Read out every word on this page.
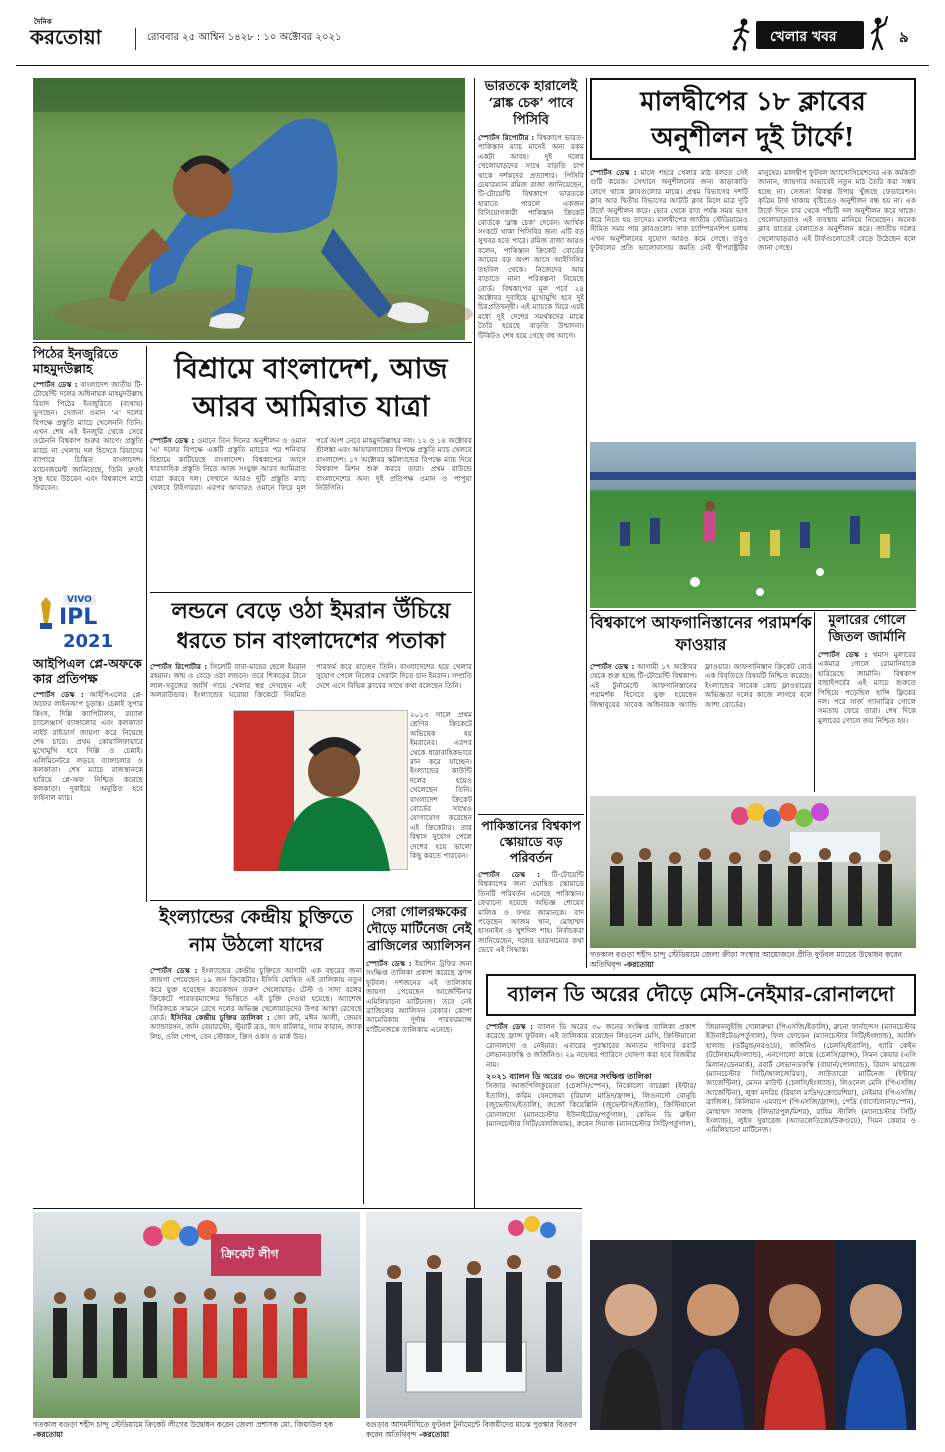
দৈনিক
করতোয়া	রোববার ২৫ আশ্বিন ১৪২৮ : ১০ অক্টোবর ২০২১	খেলার খবর	৯
পিঠের ইনজুরিতে মাহমুদউল্লাহ
স্পোর্টস ডেস্ক : বাংলাদেশ জাতীয় টি-টোয়েন্টি দলের অধিনায়ক মাহমুদউল্লাহ রিয়াদ পিঠের ইনজুরিতে (ব্যথায়) ভুগছেন। সেজন্য ওমান 'এ' দলের বিপক্ষে প্রস্তুতি ম্যাচে খেলেননি তিনি। এখন শেষ এই ইনজুরি থেকে সেরে ওঠেননি বিশ্বকাপ শুরুর আগে। প্রস্তুতি ম্যাচে না খেলায় দল হিসেবে রিয়াদের ব্যাপারে চিন্তিত বাংলাদেশ। ম্যানেজমেন্ট জানিয়েছে, তিনি দ্রুতই সুস্থ হয়ে উঠবেন এবং বিশ্বকাপে মাঠে ফিরবেন।
বিশ্রামে বাংলাদেশ, আজ আরব আমিরাত যাত্রা
স্পোর্টস ডেস্ক : ওমানে তিন দিনের অনুশীলন ও ওমান 'এ' দলের বিপক্ষে একটি প্রস্তুতি ম্যাচের পর শনিবার বিশ্রামে কাটিয়েছে বাংলাদেশ। বিশ্বকাপের আগে ধারাবাহিক প্রস্তুতি নিতে আজ সংযুক্ত আরব আমিরাত যাত্রা করবে দল। সেখানে আরও দুটি প্রস্তুতি ম্যাচ খেলবে টাইগাররা। এরপর আবারও ওমানে ফিরে মূল পর্বে অংশ নেবে মাহমুদউল্লাহর দল। ১২ ও ১৪ অক্টোবর শ্রীলঙ্কা এবং আয়ারল্যান্ডের বিপক্ষে প্রস্তুতি ম্যাচ খেলবে বাংলাদেশ। ১৭ অক্টোবর স্কটল্যান্ডের বিপক্ষে ম্যাচ দিয়ে বিশ্বকাপ মিশন শুরু করবে তারা। প্রথম রাউন্ডে বাংলাদেশের অন্য দুই প্রতিপক্ষ ওমান ও পাপুয়া নিউগিনি।
VIVO
IPL
2021
আইপিএল প্লে-অফকে কার প্রতিপক্ষ
স্পোর্টস ডেস্ক : আইপিএলের প্লে-অফের লাইনআপ চূড়ান্ত। চেন্নাই সুপার কিংস, দিল্লি ক্যাপিটালস, রয়্যাল চ্যালেঞ্জার্স ব্যাঙ্গালোর এবং কলকাতা নাইট রাইডার্স জায়গা করে নিয়েছে শেষ চারে। প্রথম কোয়ালিফায়ারে মুখোমুখি হবে দিল্লি ও চেন্নাই। এলিমিনেটরে লড়বে ব্যাঙ্গালোর ও কলকাতা। শেষ ম্যাচে রাজস্থানকে হারিয়ে প্লে-অফ নিশ্চিত করেছে কলকাতা। দুবাইয়ে অনুষ্ঠিত হবে ফাইনাল ম্যাচ।
লন্ডনে বেড়ে ওঠা ইমরান উঁচিয়ে ধরতে চান বাংলাদেশের পতাকা
স্পোর্টস রিপোর্টার : সিলেটি বাবা-মায়ের ছেলে ইমরান রহমান। জন্ম ও বেড়ে ওঠা লন্ডনে। তবে শিকড়ের টানে লাল-সবুজের জার্সি গায়ে খেলার স্বপ্ন দেখছেন এই অলরাউন্ডার। ইংল্যান্ডের ঘরোয়া ক্রিকেটে নিয়মিত পারফর্ম করে যাচ্ছেন তিনি। বাংলাদেশের হয়ে খেলার সুযোগ পেলে নিজের সেরাটা দিতে চান ইমরান। সম্প্রতি দেশে এসে বিভিন্ন ক্লাবের সাথে কথা বলেছেন তিনি।
২০১৩ সালে প্রথম শ্রেণির ক্রিকেটে অভিষেক হয় ইমরানের। এরপর থেকে ধারাবাহিকভাবে রান করে যাচ্ছেন। ইংল্যান্ডের কাউন্টি দলের হয়েও খেলেছেন তিনি। বাংলাদেশ ক্রিকেট বোর্ডের সাথেও যোগাযোগ করেছেন এই ক্রিকেটার। তার বিশ্বাস সুযোগ পেলে দেশের হয়ে ভালো কিছু করতে পারবেন।
ইংল্যান্ডের কেন্দ্রীয় চুক্তিতে নাম উঠলো যাদের
স্পোর্টস ডেস্ক : ইংল্যান্ডের কেন্দ্রীয় চুক্তিতে আগামী এক বছরের জন্য জায়গা পেয়েছেন ১৯ জন ক্রিকেটার। ইসিবি ঘোষিত এই তালিকায় নতুন করে যুক্ত হয়েছেন কয়েকজন তরুণ খেলোয়াড়। টেস্ট ও সাদা বলের ক্রিকেটে পারফরম্যান্সের ভিত্তিতে এই চুক্তি দেওয়া হয়েছে। অ্যাশেজ সিরিজকে সামনে রেখে দলের অভিজ্ঞ খেলোয়াড়দের উপর আস্থা রেখেছে বোর্ড। ইসিবির কেন্দ্রীয় চুক্তির তালিকা : জো রুট, মঈন আলী, জেমস অ্যান্ডারসন, জনি বেয়ারস্টো, স্টুয়ার্ট ব্রড, জস বাটলার, স্যাম কারান, জ্যাক লিচ, ওলি পোপ, বেন স্টোকস, ক্রিস ওকস ও মার্ক উড।
সেরা গোলরক্ষকের দৌড়ে মার্টিনেজ নেই ব্রাজিলের অ্যালিসন
স্পোর্টস ডেস্ক : ইয়াশিন ট্রফির জন্য সংক্ষিপ্ত তালিকা প্রকাশ করেছে ফ্রান্স ফুটবল। দশজনের এই তালিকায় জায়গা পেয়েছেন আর্জেন্টিনার এমিলিয়ানো মার্টিনেজ। তবে নেই ব্রাজিলের অ্যালিসন বেকার। কোপা আমেরিকায় দুর্দান্ত পারফরম্যান্স মার্টিনেজকে তালিকায় এনেছে।
ভারতকে হারালেই ‘ব্লাঙ্ক চেক’ পাবে পিসিবি
স্পোর্টস রিপোর্টার : বিশ্বকাপে ভারত-পাকিস্তান ম্যাচ মানেই অন্য রকম একটা আবহ। দুই দলের খেলোয়াড়দের সাথে বাড়তি চাপ থাকে দর্শকদের প্রত্যাশার। পিসিবি চেয়ারম্যান রমিজ রাজা জানিয়েছেন, টি-টোয়েন্টি বিশ্বকাপে ভারতকে হারাতে পারলে একজন বিনিয়োগকারী পাকিস্তান ক্রিকেট বোর্ডকে ‘ব্লাঙ্ক চেক’ দেবেন। আর্থিক সংকটে থাকা পিসিবির জন্য এটি বড় সুখবর হতে পারে। রমিজ রাজা আরও বলেন, পাকিস্তান ক্রিকেট বোর্ডের আয়ের বড় অংশ আসে আইসিসির তহবিল থেকে। নিজেদের আয় বাড়াতে নানা পরিকল্পনা নিয়েছে বোর্ড। বিশ্বকাপের মূল পর্বে ২৪ অক্টোবর দুবাইয়ে মুখোমুখি হবে দুই চিরপ্রতিদ্বন্দ্বী। এই ম্যাচকে ঘিরে এরই মধ্যে দুই দেশের সমর্থকদের মাঝে তৈরি হয়েছে বাড়তি উন্মাদনা। টিকিটও শেষ হয়ে গেছে বহু আগে।
পাকিস্তানের বিশ্বকাপ স্কোয়াডে বড় পরিবর্তন
স্পোর্টস ডেস্ক : টি-টোয়েন্টি বিশ্বকাপের জন্য ঘোষিত স্কোয়াডে তিনটি পরিবর্তন এনেছে পাকিস্তান। ফেরানো হয়েছে অভিজ্ঞ শোয়েব মালিক ও ফখর জামানকে। বাদ পড়েছেন আজম খান, মোহাম্মদ হাসনাইন ও খুশদিল শাহ। নির্বাচকরা জানিয়েছেন, দলের ভারসাম্যের কথা ভেবে এই সিদ্ধান্ত।
মালদ্বীপের ১৮ ক্লাবের অনুশীলন দুই টার্ফে!
স্পোর্টস ডেস্ক : মালে শহরে খেলার মাঠ বলতে সেই গুটি কয়েক। সেখানে অনুশীলনের জন্য কাড়াকাড়ি লেগে থাকে ক্লাবগুলোর মাঝে। প্রথম বিভাগের দশটি ক্লাব আর দ্বিতীয় বিভাগের আটটি ক্লাব মিলে মাত্র দুটি টার্ফে অনুশীলন করে। ভোর থেকে রাত পর্যন্ত সময় ভাগ করে নিতে হয় তাদের। মালদ্বীপের জাতীয় স্টেডিয়ামেও সীমিত সময় পায় ক্লাবগুলো। সাফ চ্যাম্পিয়নশিপ চলায় এখন অনুশীলনের সুযোগ আরও কমে গেছে। তবুও ফুটবলের প্রতি ভালোবাসায় কমতি নেই দ্বীপরাষ্ট্রটির মানুষের। মালদ্বীপ ফুটবল অ্যাসোসিয়েশনের এক কর্মকর্তা জানান, জায়গার অভাবেই নতুন মাঠ তৈরি করা সম্ভব হচ্ছে না। সেজন্য বিকল্প উপায় খুঁজছে ফেডারেশন। কৃত্রিম টার্ফ থাকায় বৃষ্টিতেও অনুশীলন বন্ধ হয় না। এক টার্ফে দিনে চার থেকে পাঁচটি দল অনুশীলন করে থাকে। খেলোয়াড়রাও এই ব্যবস্থায় মানিয়ে নিয়েছেন। অনেক ক্লাব রাতের বেলাতেও অনুশীলন করে। জাতীয় দলের খেলোয়াড়রাও এই টার্ফগুলোতেই বেড়ে উঠেছেন বলে জানা গেছে।
বিশ্বকাপে আফগানিস্তানের পরামর্শক ফাওয়ার
স্পোর্টস ডেস্ক : আগামী ১৭ অক্টোবর থেকে শুরু হচ্ছে টি-টোয়েন্টি বিশ্বকাপ। এই টুর্নামেন্টে আফগানিস্তানের পরামর্শক হিসেবে যুক্ত হয়েছেন জিম্বাবুয়ের সাবেক অধিনায়ক অ্যান্ডি ফ্লাওয়ার। আফগানিস্তান ক্রিকেট বোর্ড এক বিবৃতিতে বিষয়টি নিশ্চিত করেছে। ইংল্যান্ডের সাবেক কোচ ফ্লাওয়ারের অভিজ্ঞতা দলের কাজে লাগবে বলে আশা বোর্ডের।
মুলারের গোলে জিতল জার্মানি
স্পোর্টস ডেস্ক : থমাস মুলারের একমাত্র গোলে রোমানিয়াকে হারিয়েছে জার্মানি। বিশ্বকাপ বাছাইপর্বের এই ম্যাচে শুরুতে পিছিয়ে পড়েছিল হান্সি ফ্লিকের দল। পরে সার্জ গ্যানাব্রির গোলে সমতায় ফেরে তারা। শেষ দিকে মুলারের গোলে জয় নিশ্চিত হয়।
গতকাল বগুড়া শহীদ চান্দু স্টেডিয়ামে জেলা ক্রীড়া সংস্থার আয়োজনে প্রীতি ফুটবল ম্যাচের উদ্বোধন করেন অতিথিবৃন্দ -করতোয়া
ব্যালন ডি অরের দৌড়ে মেসি-নেইমার-রোনালদো
স্পোর্টস ডেস্ক : ব্যালন ডি অরের ৩০ জনের সংক্ষিপ্ত তালিকা প্রকাশ করেছে ফ্রান্স ফুটবল। এই তালিকায় রয়েছেন লিওনেল মেসি, ক্রিস্টিয়ানো রোনালদো ও নেইমার। এবারের পুরস্কারের অন্যতম দাবিদার রবার্ট লেভানডফস্কি ও জর্জিনিও। ২৯ নভেম্বর প্যারিসে ঘোষণা করা হবে বিজয়ীর নাম।
২০২১ ব্যালন ডি অরের ৩০ জনের সংক্ষিপ্ত তালিকা
সিজার আজপিলিকুয়েতা (চেলসি/স্পেন), নিকোলো বারেল্লা (ইন্টার/ইতালি), করিম বেনজেমা (রিয়াল মাদ্রিদ/ফ্রান্স), লিওনার্দো বোনুচি (জুভেন্টাস/ইতালি), জর্জো কিয়েল্লিনি (জুভেন্টাস/ইতালি), ক্রিস্টিয়ানো রোনালদো (ম্যানচেস্টার ইউনাইটেড/পর্তুগাল), কেভিন ডি ব্রুইনা (ম্যানচেস্টার সিটি/বেলজিয়াম), রুবেন দিয়াজ (ম্যানচেস্টার সিটি/পর্তুগাল), জিয়ানলুইজি দোন্নারুম্মা (পিএসজি/ইতালি), ব্রুনো ফার্নান্দেস (ম্যানচেস্টার ইউনাইটেড/পর্তুগাল), ফিল ফোডেন (ম্যানচেস্টার সিটি/ইংল্যান্ড), আর্লিং হালান্ড (ডর্টমুন্ড/নরওয়ে), জর্জিনিও (চেলসি/ইতালি), হ্যারি কেইন (টটেনহাম/ইংল্যান্ড), এনগোলো কান্তে (চেলসি/ফ্রান্স), সিমন কেয়ার (এসি মিলান/ডেনমার্ক), রবার্ট লেভানডফস্কি (বায়ার্ন/পোল্যান্ড), রিয়াদ মাহরেজ (ম্যানচেস্টার সিটি/আলজেরিয়া), লাউতারো মার্টিনেজ (ইন্টার/আর্জেন্টিনা), মেসন মাউন্ট (চেলসি/ইংল্যান্ড), লিওনেল মেসি (পিএসজি/আর্জেন্টিনা), লুকা মদরিচ (রিয়াল মাদ্রিদ/ক্রোয়েশিয়া), নেইমার (পিএসজি/ব্রাজিল), কিলিয়ান এমবাপে (পিএসজি/ফ্রান্স), পেদ্রি (বার্সেলোনা/স্পেন), মোহাম্মদ সালাহ (লিভারপুল/মিশর), রাহিম স্টার্লিং (ম্যানচেস্টার সিটি/ইংল্যান্ড), লুইস সুয়ারেজ (অ্যাতলেতিকো/উরুগুয়ে), সিমন কেয়ার ও এমিলিয়ানো মার্টিনেজ।
ক্রিকেট লীগ
গতকাল বগুড়া শহীদ চান্দু স্টেডিয়ামে ক্রিকেট লীগের উদ্বোধন করেন জেলা প্রশাসক মো. জিয়াউল হক -করতোয়া
বগুড়ার আদমদীঘিতে ফুটবল টুর্নামেন্টে বিজয়ীদের মাঝে পুরস্কার বিতরণ করেন অতিথিবৃন্দ -করতোয়া
